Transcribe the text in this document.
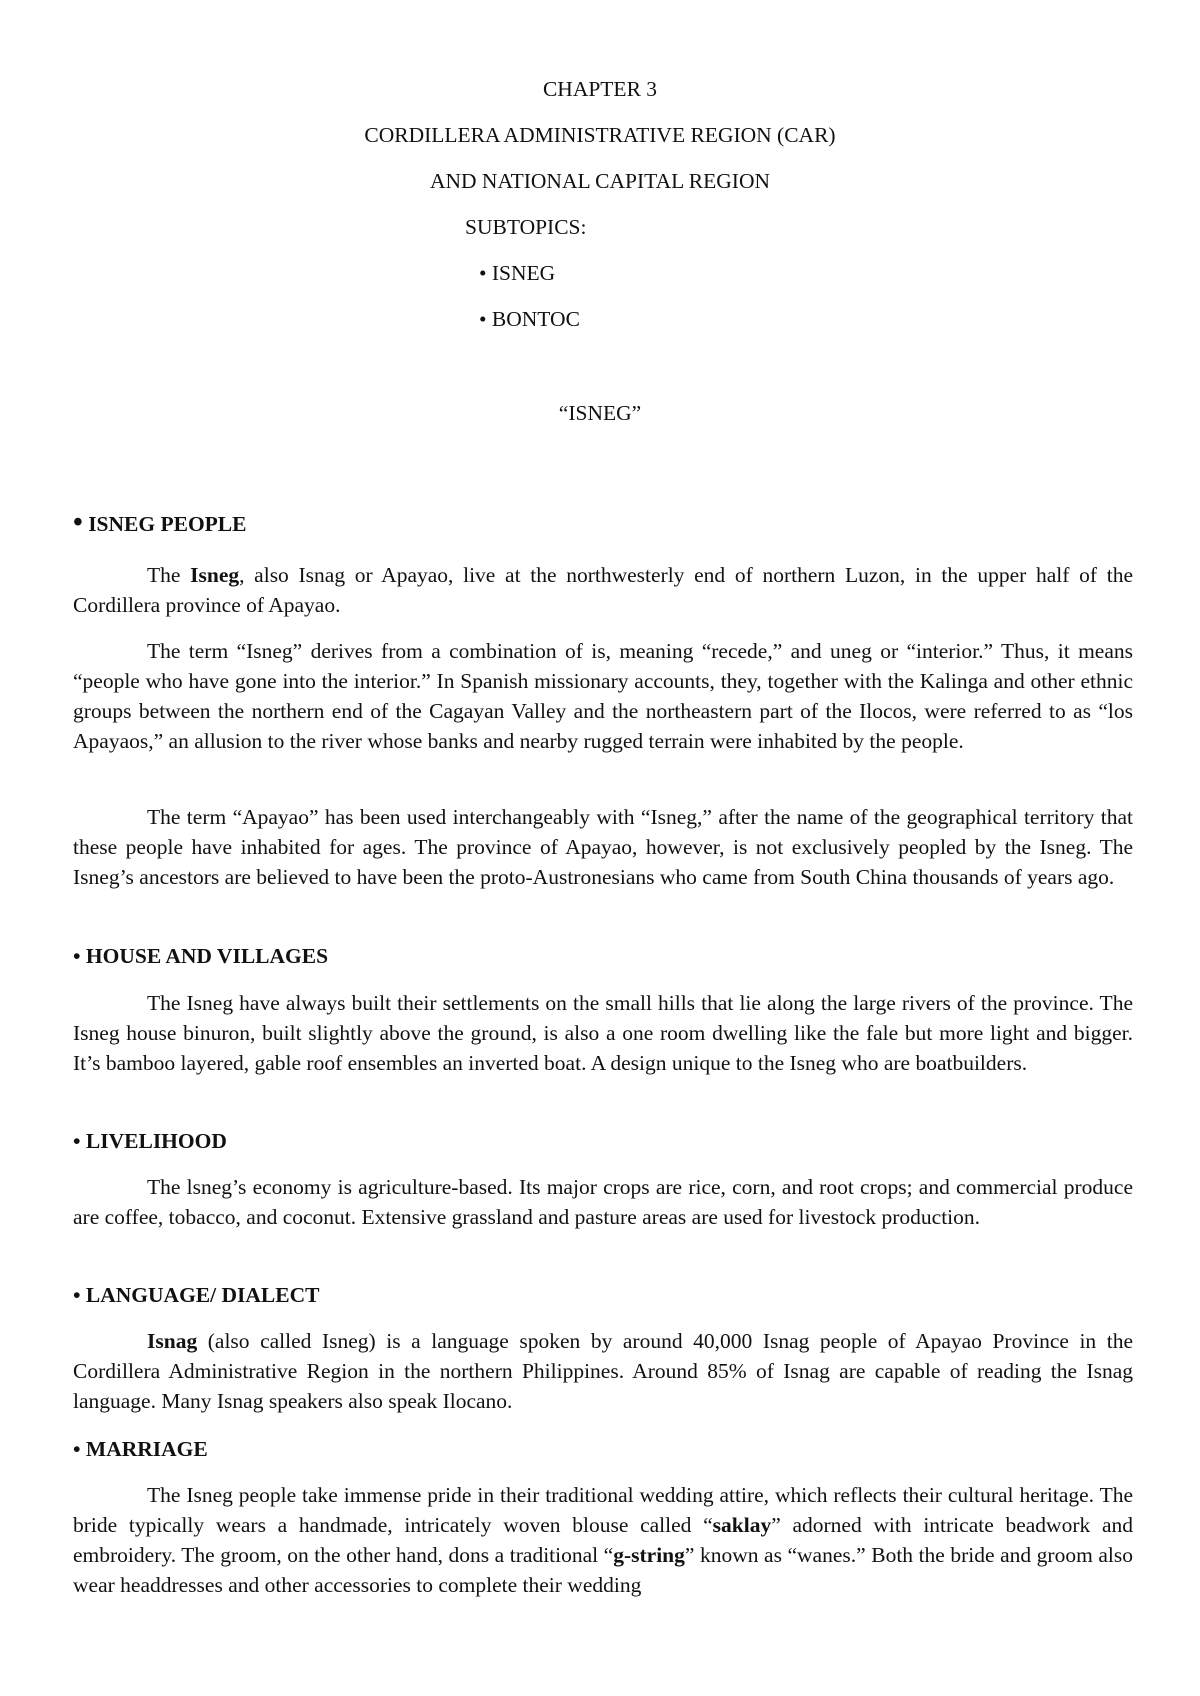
CHAPTER 3
CORDILLERA ADMINISTRATIVE REGION (CAR)
AND NATIONAL CAPITAL REGION
SUBTOPICS:
• ISNEG
• BONTOC
“ISNEG”
• ISNEG PEOPLE

The Isneg, also Isnag or Apayao, live at the northwesterly end of northern Luzon, in the upper half of the Cordillera province of Apayao.

The term “Isneg” derives from a combination of is, meaning “recede,” and uneg or “interior.” Thus, it means “people who have gone into the interior.” In Spanish missionary accounts, they, together with the Kalinga and other ethnic groups between the northern end of the Cagayan Valley and the northeastern part of the Ilocos, were referred to as “los Apayaos,” an allusion to the river whose banks and nearby rugged terrain were inhabited by the people.

The term “Apayao” has been used interchangeably with “Isneg,” after the name of the geographical territory that these people have inhabited for ages. The province of Apayao, however, is not exclusively peopled by the Isneg. The Isneg’s ancestors are believed to have been the proto-Austronesians who came from South China thousands of years ago.

• HOUSE AND VILLAGES

The Isneg have always built their settlements on the small hills that lie along the large rivers of the province. The Isneg house binuron, built slightly above the ground, is also a one room dwelling like the fale but more light and bigger. It’s bamboo layered, gable roof ensembles an inverted boat. A design unique to the Isneg who are boatbuilders.

• LIVELIHOOD

The lsneg’s economy is agriculture-based. Its major crops are rice, corn, and root crops; and commercial produce are coffee, tobacco, and coconut. Extensive grassland and pasture areas are used for livestock production.

• LANGUAGE/ DIALECT

Isnag (also called Isneg) is a language spoken by around 40,000 Isnag people of Apayao Province in the Cordillera Administrative Region in the northern Philippines. Around 85% of Isnag are capable of reading the Isnag language. Many Isnag speakers also speak Ilocano.

• MARRIAGE

The Isneg people take immense pride in their traditional wedding attire, which reflects their cultural heritage. The bride typically wears a handmade, intricately woven blouse called “saklay” adorned with intricate beadwork and embroidery. The groom, on the other hand, dons a traditional “g-string” known as “wanes.” Both the bride and groom also wear headdresses and other accessories to complete their wedding
